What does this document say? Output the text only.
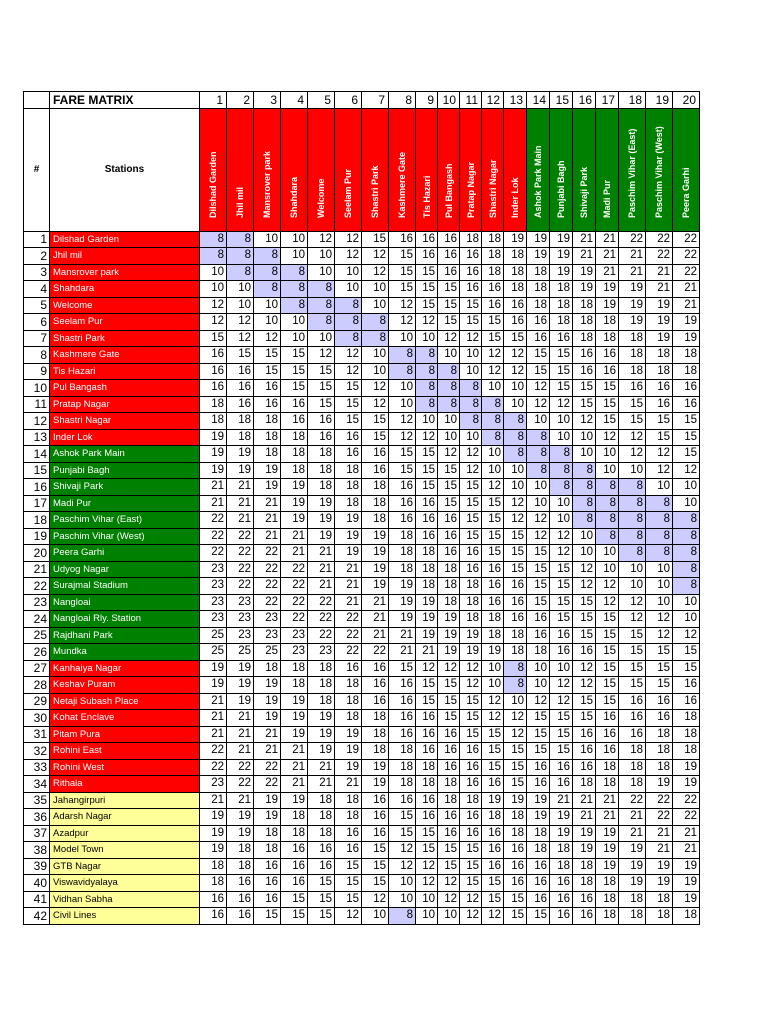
	FARE MATRIX	1	2	3	4	5	6	7	8	9	10	11	12	13	14	15	16	17	18	19	20
#	Stations	Dilshad Garden	Jhil mil	Mansrover park	Shahdara	Welcome	Seelam Pur	Shastri Park	Kashmere Gate	Tis Hazari	Pul Bangash	Pratap Nagar	Shastri Nagar	Inder Lok	Ashok Park Main	Punjabi Bagh	Shivaji Park	Madi Pur	Paschim Vihar (East)	Paschim Vihar (West)	Peera Garhi

1	Dilshad Garden	8	8	10	10	12	12	15	16	16	16	18	18	19	19	19	21	21	22	22	22
2	Jhil mil	8	8	8	10	10	12	12	15	16	16	16	18	18	19	19	21	21	21	22	22
3	Mansrover park	10	8	8	8	10	10	12	15	15	16	16	18	18	18	19	19	21	21	21	22
4	Shahdara	10	10	8	8	8	10	10	15	15	15	16	16	18	18	18	19	19	19	21	21
5	Welcome	12	10	10	8	8	8	10	12	15	15	15	16	16	18	18	18	19	19	19	21
6	Seelam Pur	12	12	10	10	8	8	8	12	12	15	15	15	16	16	18	18	18	19	19	19
7	Shastri Park	15	12	12	10	10	8	8	10	10	12	12	15	15	16	16	18	18	18	19	19
8	Kashmere Gate	16	15	15	15	12	12	10	8	8	10	10	12	12	15	15	16	16	18	18	18
9	Tis Hazari	16	16	15	15	15	12	10	8	8	8	10	12	12	15	15	16	16	18	18	18
10	Pul Bangash	16	16	16	15	15	15	12	10	8	8	8	10	10	12	15	15	15	16	16	16
11	Pratap Nagar	18	16	16	16	15	15	12	10	8	8	8	8	10	12	12	15	15	15	16	16
12	Shastri Nagar	18	18	18	16	16	15	15	12	10	10	8	8	8	10	10	12	15	15	15	15
13	Inder Lok	19	18	18	18	16	16	15	12	12	10	10	8	8	8	10	10	12	12	15	15
14	Ashok Park Main	19	19	18	18	18	16	16	15	15	12	12	10	8	8	8	10	10	12	12	15
15	Punjabi Bagh	19	19	19	18	18	18	16	15	15	15	12	10	10	8	8	8	10	10	12	12
16	Shivaji Park	21	21	19	19	18	18	18	16	15	15	15	12	10	10	8	8	8	8	10	10
17	Madi Pur	21	21	21	19	19	18	18	16	16	15	15	15	12	10	10	8	8	8	8	10
18	Paschim Vihar (East)	22	21	21	19	19	19	18	16	16	16	15	15	12	12	10	8	8	8	8	8
19	Paschim Vihar (West)	22	22	21	21	19	19	19	18	16	16	15	15	15	12	12	10	8	8	8	8
20	Peera Garhi	22	22	22	21	21	19	19	18	18	16	16	15	15	15	12	10	10	8	8	8
21	Udyog Nagar	23	22	22	22	21	21	19	18	18	18	16	16	15	15	15	12	10	10	10	8
22	Surajmal Stadium	23	22	22	22	21	21	19	19	18	18	18	16	16	15	15	12	12	10	10	8
23	Nangloai	23	23	22	22	22	21	21	19	19	18	18	16	16	15	15	15	12	12	10	10
24	Nangloai Rly. Station	23	23	23	22	22	22	21	19	19	19	18	18	16	16	15	15	15	12	12	10
25	Rajdhani Park	25	23	23	23	22	22	21	21	19	19	19	18	18	16	16	15	15	15	12	12
26	Mundka	25	25	25	23	23	22	22	21	21	19	19	19	18	18	16	16	15	15	15	15
27	Kanhaiya Nagar	19	19	18	18	18	16	16	15	12	12	12	10	8	10	10	12	15	15	15	15
28	Keshav Puram	19	19	19	18	18	18	16	16	15	15	12	10	8	10	12	12	15	15	15	16
29	Netaji Subash Place	21	19	19	19	18	18	16	16	15	15	15	12	10	12	12	15	15	16	16	16
30	Kohat Enclave	21	21	19	19	19	18	18	16	16	15	15	12	12	15	15	15	16	16	16	18
31	Pitam Pura	21	21	21	19	19	19	18	16	16	16	15	15	12	15	15	16	16	16	18	18
32	Rohini East	22	21	21	21	19	19	18	18	16	16	16	15	15	15	15	16	16	18	18	18
33	Rohini West	22	22	22	21	21	19	19	18	18	16	16	15	15	16	16	16	18	18	18	19
34	Rithala	23	22	22	21	21	21	19	18	18	18	16	16	15	16	16	18	18	18	19	19
35	Jahangirpuri	21	21	19	19	18	18	16	16	16	18	18	19	19	19	21	21	21	22	22	22
36	Adarsh Nagar	19	19	19	18	18	18	16	15	16	16	16	18	18	19	19	21	21	21	22	22
37	Azadpur	19	19	18	18	18	16	16	15	15	16	16	16	18	18	19	19	19	21	21	21
38	Model Town	19	18	18	16	16	16	15	12	15	15	15	16	16	18	18	19	19	19	21	21
39	GTB Nagar	18	18	16	16	16	15	15	12	12	15	15	16	16	16	18	18	19	19	19	19
40	Viswavidyalaya	18	16	16	16	15	15	15	10	12	12	15	15	16	16	16	18	18	19	19	19
41	Vidhan Sabha	16	16	16	15	15	15	12	10	10	12	12	15	15	16	16	16	18	18	18	19
42	Civil Lines	16	16	15	15	15	12	10	8	10	10	12	12	15	15	16	16	18	18	18	18
